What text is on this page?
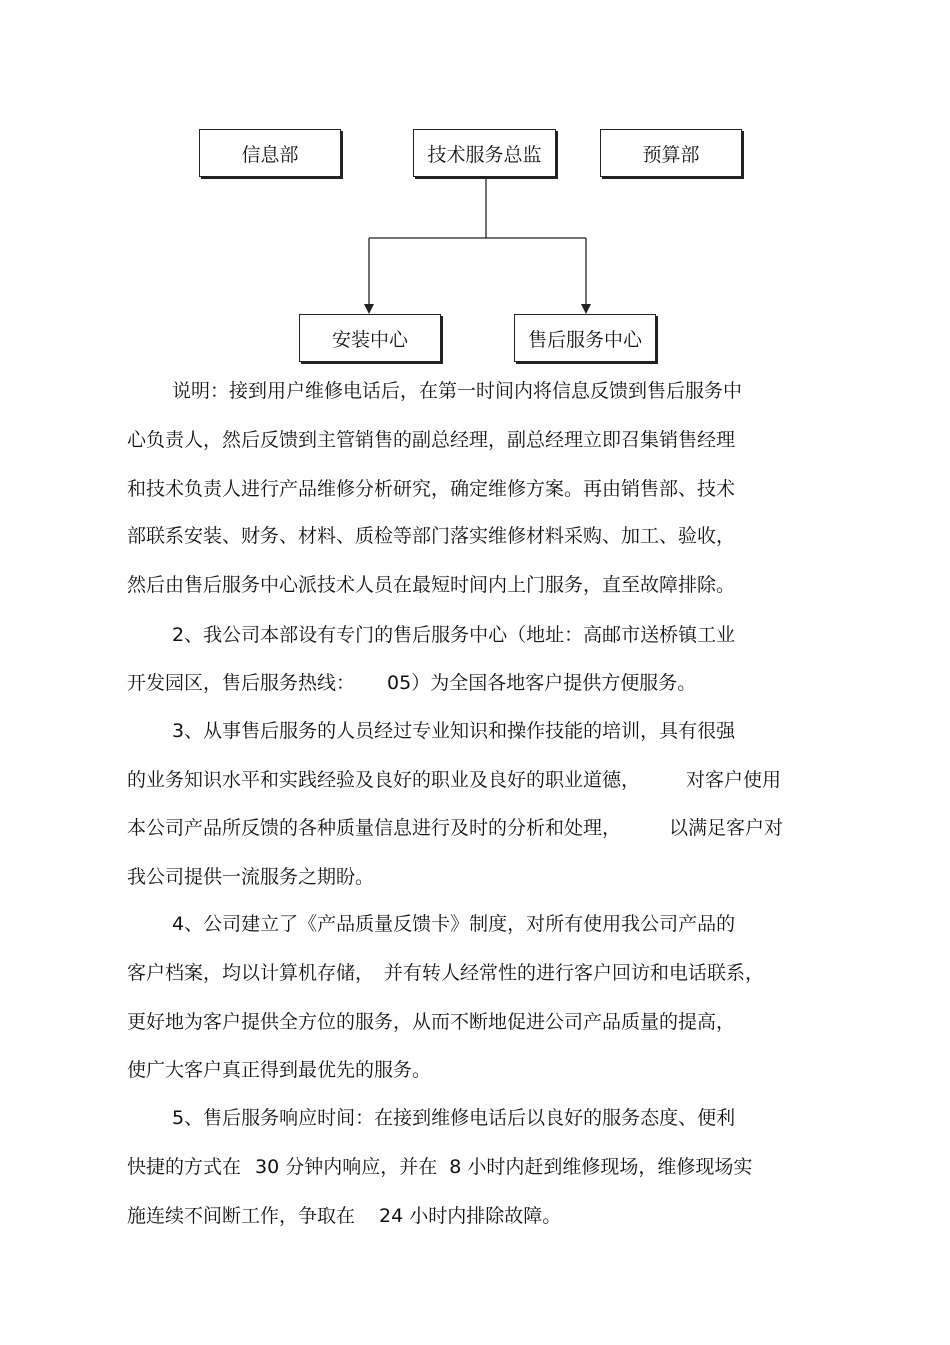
信息部	技术服务总监	预算部
安装中心	售后服务中心
说明：接到用户维修电话后，在第一时间内将信息反馈到售后服务中
心负责人，然后反馈到主管销售的副总经理，副总经理立即召集销售经理
和技术负责人进行产品维修分析研究，确定维修方案。再由销售部、技术
部联系安装、财务、材料、质检等部门落实维修材料采购、加工、验收，
然后由售后服务中心派技术人员在最短时间内上门服务，直至故障排除。
2、我公司本部设有专门的售后服务中心（地址：高邮市送桥镇工业
开发园区，售后服务热线： 05）为全国各地客户提供方便服务。
3、从事售后服务的人员经过专业知识和操作技能的培训，具有很强
的业务知识水平和实践经验及良好的职业及良好的职业道德， 对客户使用
本公司产品所反馈的各种质量信息进行及时的分析和处理，	以满足客户对
我公司提供一流服务之期盼。
4、公司建立了《产品质量反馈卡》制度，对所有使用我公司产品的
客户档案，均以计算机存储， 并有转人经常性的进行客户回访和电话联系，
更好地为客户提供全方位的服务，从而不断地促进公司产品质量的提高，
使广大客户真正得到最优先的服务。
5、售后服务响应时间：在接到维修电话后以良好的服务态度、便利
快捷的方式在 30 分钟内响应，并在 8 小时内赶到维修现场，维修现场实
施连续不间断工作，争取在 24 小时内排除故障。
